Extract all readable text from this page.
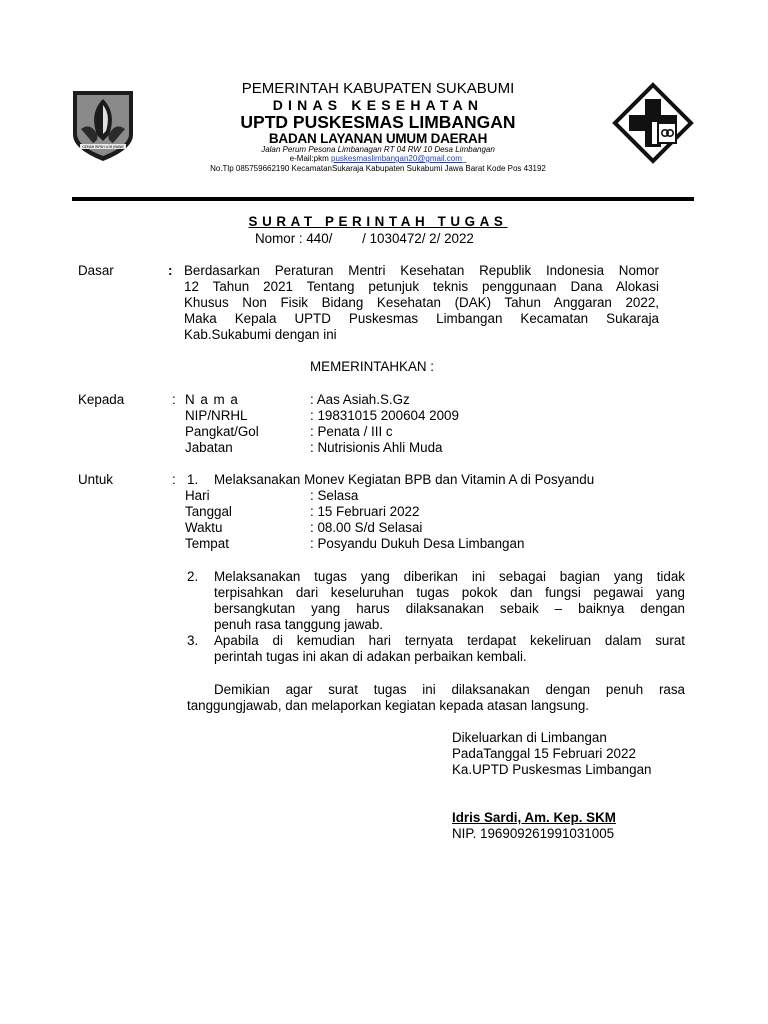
GEMAH RIPAH LOH JINAWI
PEMERINTAH KABUPATEN SUKABUMI
DINAS KESEHATAN
UPTD PUSKESMAS LIMBANGAN
BADAN LAYANAN UMUM DAERAH
Jalan Perum Pesona Limbanagan RT 04 RW 10 Desa Limbangan
e-Mail:pkm puskesmaslimbangan20@gmail.com_
No.Tlp 085759662190 KecamatanSukaraja Kabupaten Sukabumi Jawa Barat Kode Pos 43192
SURAT PERINTAH TUGAS
Nomor : 440/        / 1030472/ 2/ 2022
Dasar	: Berdasarkan Peraturan Mentri Kesehatan Republik Indonesia Nomor
12 Tahun 2021 Tentang petunjuk teknis penggunaan Dana Alokasi
Khusus Non Fisik Bidang Kesehatan (DAK) Tahun Anggaran 2022,
Maka Kepala UPTD Puskesmas Limbangan Kecamatan Sukaraja
Kab.Sukabumi dengan ini
MEMERINTAHKAN :
Kepada	: N a m a	: Aas Asiah.S.Gz
NIP/NRHL	: 19831015 200604 2009
Pangkat/Gol	: Penata / III c
Jabatan	: Nutrisionis Ahli Muda
Untuk	: 1. Melaksanakan Monev Kegiatan BPB dan Vitamin A di Posyandu
Hari	: Selasa
Tanggal	: 15 Februari 2022
Waktu	: 08.00 S/d Selasai
Tempat	: Posyandu Dukuh Desa Limbangan
2. Melaksanakan tugas yang diberikan ini sebagai bagian yang tidak
terpisahkan dari keseluruhan tugas pokok dan fungsi pegawai yang
bersangkutan yang harus dilaksanakan sebaik – baiknya dengan
penuh rasa tanggung jawab.
3. Apabila di kemudian hari ternyata terdapat kekeliruan dalam surat
perintah tugas ini akan di adakan perbaikan kembali.
Demikian agar surat tugas ini dilaksanakan dengan penuh rasa
tanggungjawab, dan melaporkan kegiatan kepada atasan langsung.
Dikeluarkan di Limbangan
PadaTanggal 15 Februari 2022
Ka.UPTD Puskesmas Limbangan
Idris Sardi, Am. Kep. SKM
NIP. 196909261991031005
